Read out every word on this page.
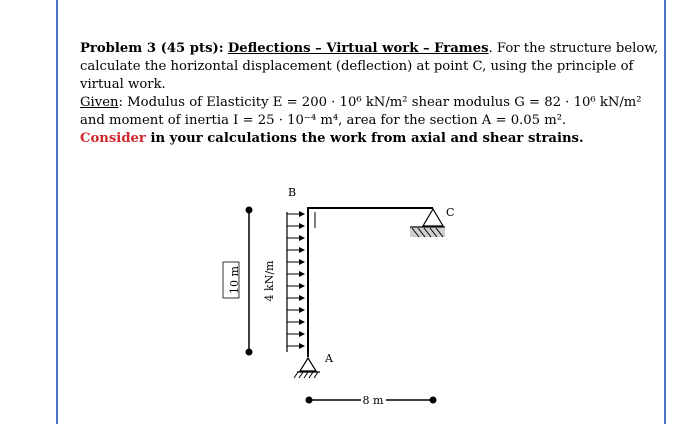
Problem 3 (45 pts): Deflections – Virtual work – Frames. For the structure below,

calculate the horizontal displacement (deflection) at point C, using the principle of

virtual work.

Given: Modulus of Elasticity E = 200 · 10⁶ kN/m² shear modulus G = 82 · 10⁶ kN/m²

and moment of inertia I = 25 · 10⁻⁴ m⁴, area for the section A = 0.05 m².

Consider in your calculations the work from axial and shear strains.

10 m 4 kN/m
B
A
C
8 m
